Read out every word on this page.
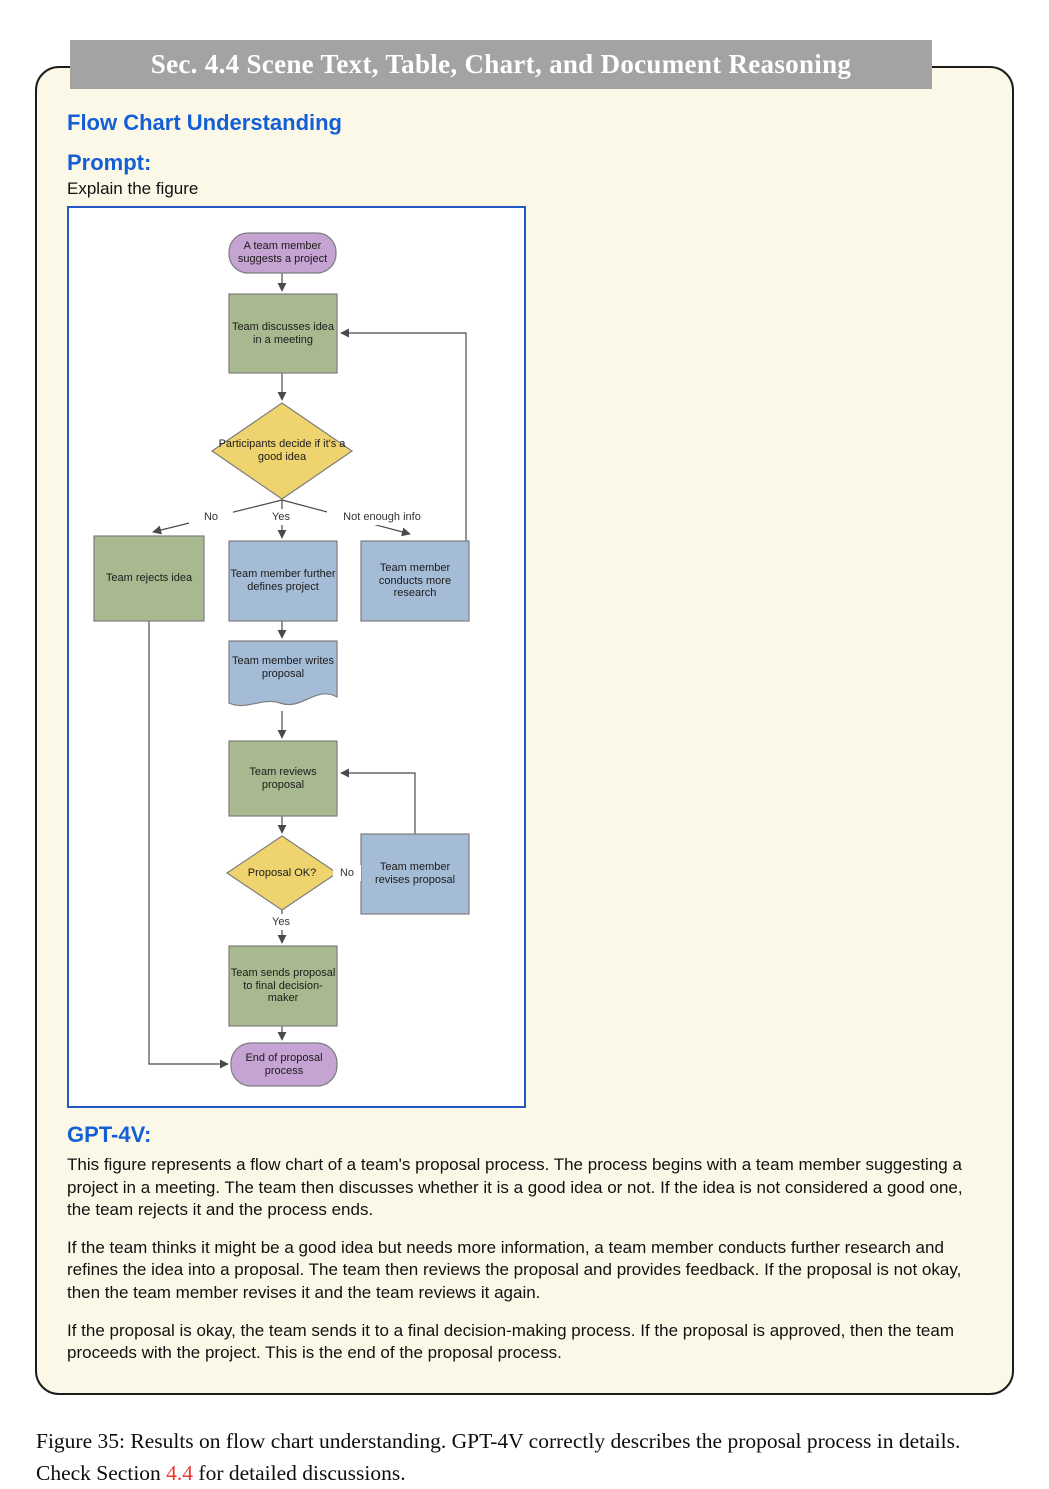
Sec. 4.4 Scene Text, Table, Chart, and Document Reasoning
Flow Chart Understanding
Prompt:
Explain the figure
A team member suggests a project
Team discusses idea in a meeting
Participants decide if it's a good idea
Team rejects idea	Team member further defines project
Team member conducts more research
Team member writes proposal
Team reviews proposal
Proposal OK?	Team member revises proposal
Team sends proposal to final decision-maker
End of proposal process
No	Yes	Not enough info
No
Yes
GPT-4V:

This figure represents a flow chart of a team's proposal process. The process begins with a team member suggesting a project in a meeting. The team then discusses whether it is a good idea or not. If the idea is not considered a good one, the team rejects it and the process ends.

If the team thinks it might be a good idea but needs more information, a team member conducts further research and refines the idea into a proposal. The team then reviews the proposal and provides feedback. If the proposal is not okay, then the team member revises it and the team reviews it again.

If the proposal is okay, the team sends it to a final decision-making process. If the proposal is approved, then the team proceeds with the project. This is the end of the proposal process.

Figure 35: Results on flow chart understanding. GPT-4V correctly describes the proposal process in details. Check Section 4.4 for detailed discussions.
